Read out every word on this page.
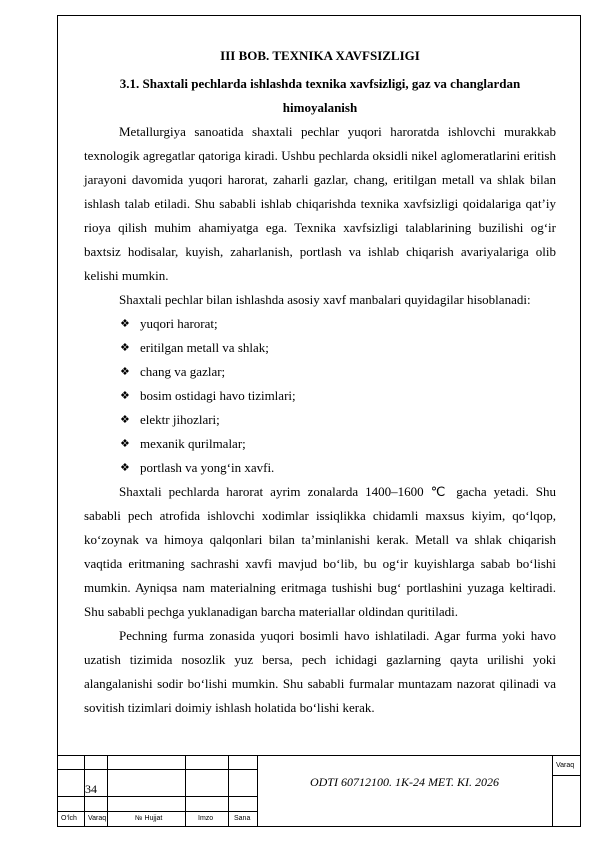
III BOB. TEXNIKA XAVFSIZLIGI

3.1. Shaxtali pechlarda ishlashda texnika xavfsizligi, gaz va changlardan

himoyalanish

Metallurgiya sanoatida shaxtali pechlar yuqori haroratda ishlovchi murakkab texnologik agregatlar qatoriga kiradi. Ushbu pechlarda oksidli nikel aglomeratlarini eritish jarayoni davomida yuqori harorat, zaharli gazlar, chang, eritilgan metall va shlak bilan ishlash talab etiladi. Shu sababli ishlab chiqarishda texnika xavfsizligi qoidalariga qat’iy rioya qilish muhim ahamiyatga ega. Texnika xavfsizligi talablarining buzilishi og‘ir baxtsiz hodisalar, kuyish, zaharlanish, portlash va ishlab chiqarish avariyalariga olib kelishi mumkin.

Shaxtali pechlar bilan ishlashda asosiy xavf manbalari quyidagilar hisoblanadi:

❖ yuqori harorat;
❖ eritilgan metall va shlak;
❖ chang va gazlar;
❖ bosim ostidagi havo tizimlari;
❖ elektr jihozlari;
❖ mexanik qurilmalar;
❖ portlash va yong‘in xavfi.

Shaxtali pechlarda harorat ayrim zonalarda 1400–1600 ℃ gacha yetadi. Shu sababli pech atrofida ishlovchi xodimlar issiqlikka chidamli maxsus kiyim, qo‘lqop, ko‘zoynak va himoya qalqonlari bilan ta’minlanishi kerak. Metall va shlak chiqarish vaqtida eritmaning sachrashi xavfi mavjud bo‘lib, bu og‘ir kuyishlarga sabab bo‘lishi mumkin. Ayniqsa nam materialning eritmaga tushishi bug‘ portlashini yuzaga keltiradi. Shu sababli pechga yuklanadigan barcha materiallar oldindan quritiladi.

Pechning furma zonasida yuqori bosimli havo ishlatiladi. Agar furma yoki havo uzatish tizimida nosozlik yuz bersa, pech ichidagi gazlarning qayta urilishi yoki alangalanishi sodir bo‘lishi mumkin. Shu sababli furmalar muntazam nazorat qilinadi va sovitish tizimlari doimiy ishlash holatida bo‘lishi kerak.

34	ODTI 60712100. 1K-24 MET. KI. 2026
Varaq
O‘lch Varaq	№ Hujjat	Imzo	Sana
